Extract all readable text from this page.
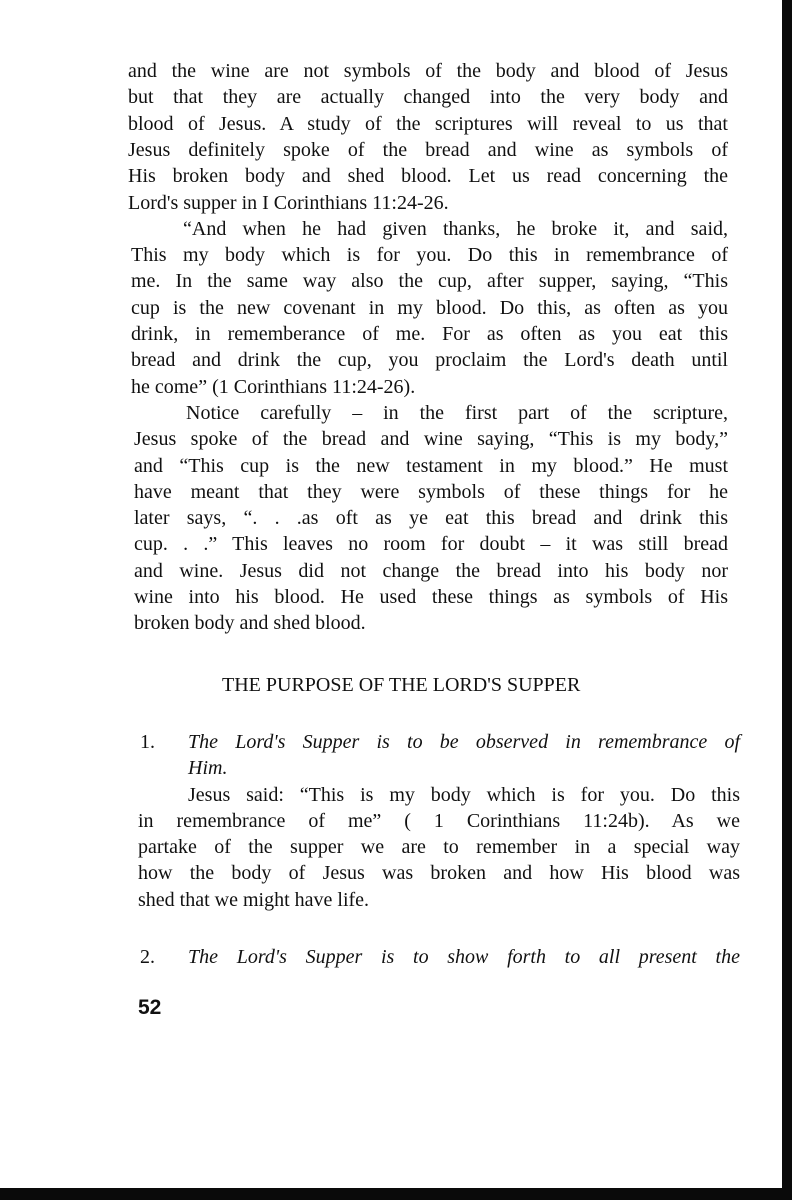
and the wine are not symbols of the body and blood of Jesus
but that they are actually changed into the very body and
blood of Jesus. A study of the scriptures will reveal to us that
Jesus definitely spoke of the bread and wine as symbols of
His broken body and shed blood. Let us read concerning the
Lord's supper in I Corinthians 11:24-26.
“And when he had given thanks, he broke it, and said,
This my body which is for you. Do this in remembrance of
me. In the same way also the cup, after supper, saying, “This
cup is the new covenant in my blood. Do this, as often as you
drink, in rememberance of me. For as often as you eat this
bread and drink the cup, you proclaim the Lord's death until
he come” (1 Corinthians 11:24-26).
Notice carefully – in the first part of the scripture,
Jesus spoke of the bread and wine saying, “This is my body,”
and “This cup is the new testament in my blood.” He must
have meant that they were symbols of these things for he
later says, “. . .as oft as ye eat this bread and drink this
cup. . .” This leaves no room for doubt – it was still bread
and wine. Jesus did not change the bread into his body nor
wine into his blood. He used these things as symbols of His
broken body and shed blood.
1.	The Lord's Supper is to be observed in remembrance of
Him.
Jesus said: “This is my body which is for you. Do this
in remembrance of me” ( 1 Corinthians 11:24b). As we
partake of the supper we are to remember in a special way
how the body of Jesus was broken and how His blood was
shed that we might have life.
2.	The Lord's Supper is to show forth to all present the
THE PURPOSE OF THE LORD'S SUPPER
52
